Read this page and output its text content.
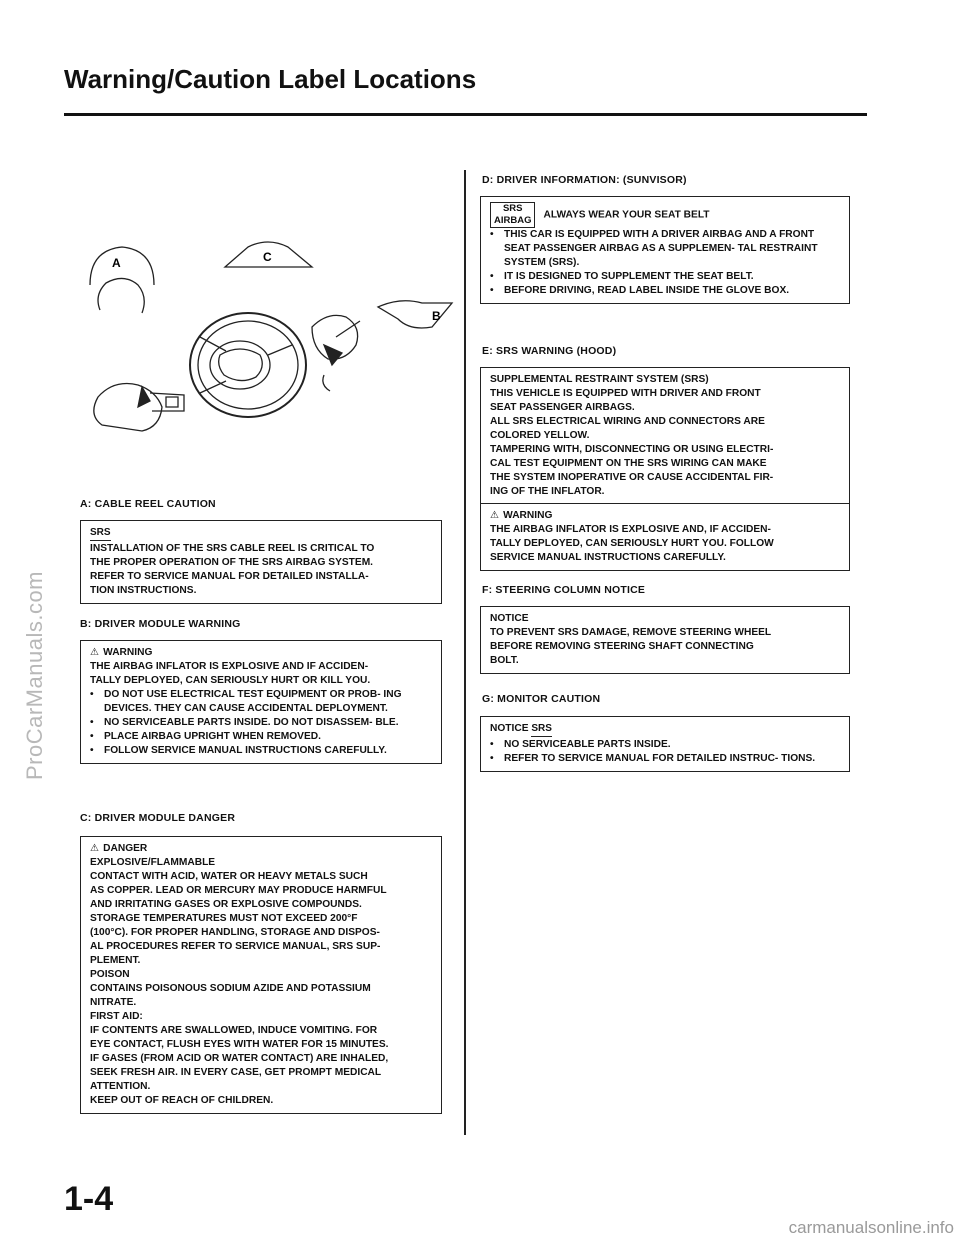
ProCarManuals.com
carmanualsonline.info
Warning/Caution Label Locations
A
B
C
A: CABLE REEL CAUTION
SRS
INSTALLATION OF THE SRS CABLE REEL IS CRITICAL TO
THE PROPER OPERATION OF THE SRS AIRBAG SYSTEM.
REFER TO SERVICE MANUAL FOR DETAILED INSTALLA-
TION INSTRUCTIONS.
B: DRIVER MODULE WARNING
⚠ WARNING
THE AIRBAG INFLATOR IS EXPLOSIVE AND IF ACCIDEN-
TALLY DEPLOYED, CAN SERIOUSLY HURT OR KILL YOU.
•	DO NOT USE ELECTRICAL TEST EQUIPMENT OR PROB- ING DEVICES. THEY CAN CAUSE ACCIDENTAL DEPLOYMENT.
•	NO SERVICEABLE PARTS INSIDE. DO NOT DISASSEM- BLE.
•	PLACE AIRBAG UPRIGHT WHEN REMOVED.
•	FOLLOW SERVICE MANUAL INSTRUCTIONS CAREFULLY.
C: DRIVER MODULE DANGER
⚠ DANGER
EXPLOSIVE/FLAMMABLE
CONTACT WITH ACID, WATER OR HEAVY METALS SUCH
AS COPPER. LEAD OR MERCURY MAY PRODUCE HARMFUL
AND IRRITATING GASES OR EXPLOSIVE COMPOUNDS.
STORAGE TEMPERATURES MUST NOT EXCEED 200°F
(100°C). FOR PROPER HANDLING, STORAGE AND DISPOS-
AL PROCEDURES REFER TO SERVICE MANUAL, SRS SUP-
PLEMENT.
POISON
CONTAINS POISONOUS SODIUM AZIDE AND POTASSIUM
NITRATE.
FIRST AID:
IF CONTENTS ARE SWALLOWED, INDUCE VOMITING. FOR
EYE CONTACT, FLUSH EYES WITH WATER FOR 15 MINUTES.
IF GASES (FROM ACID OR WATER CONTACT) ARE INHALED,
SEEK FRESH AIR. IN EVERY CASE, GET PROMPT MEDICAL
ATTENTION.
KEEP OUT OF REACH OF CHILDREN.
D: DRIVER INFORMATION: (SUNVISOR)
SRS
AIRBAG ALWAYS WEAR YOUR SEAT BELT
•	THIS CAR IS EQUIPPED WITH A DRIVER AIRBAG AND A FRONT SEAT PASSENGER AIRBAG AS A SUPPLEMEN- TAL RESTRAINT SYSTEM (SRS).
•	IT IS DESIGNED TO SUPPLEMENT THE SEAT BELT.
•	BEFORE DRIVING, READ LABEL INSIDE THE GLOVE BOX.
E: SRS WARNING (HOOD)
SUPPLEMENTAL RESTRAINT SYSTEM (SRS)
THIS VEHICLE IS EQUIPPED WITH DRIVER AND FRONT
SEAT PASSENGER AIRBAGS.
ALL SRS ELECTRICAL WIRING AND CONNECTORS ARE
COLORED YELLOW.
TAMPERING WITH, DISCONNECTING OR USING ELECTRI-
CAL TEST EQUIPMENT ON THE SRS WIRING CAN MAKE
THE SYSTEM INOPERATIVE OR CAUSE ACCIDENTAL FIR-
ING OF THE INFLATOR.
⚠ WARNING
THE AIRBAG INFLATOR IS EXPLOSIVE AND, IF ACCIDEN-
TALLY DEPLOYED, CAN SERIOUSLY HURT YOU. FOLLOW
SERVICE MANUAL INSTRUCTIONS CAREFULLY.
F: STEERING COLUMN NOTICE
NOTICE
TO PREVENT SRS DAMAGE, REMOVE STEERING WHEEL
BEFORE REMOVING STEERING SHAFT CONNECTING
BOLT.
G: MONITOR CAUTION
NOTICE SRS
•	NO SERVICEABLE PARTS INSIDE.
•	REFER TO SERVICE MANUAL FOR DETAILED INSTRUC- TIONS.
1-4
